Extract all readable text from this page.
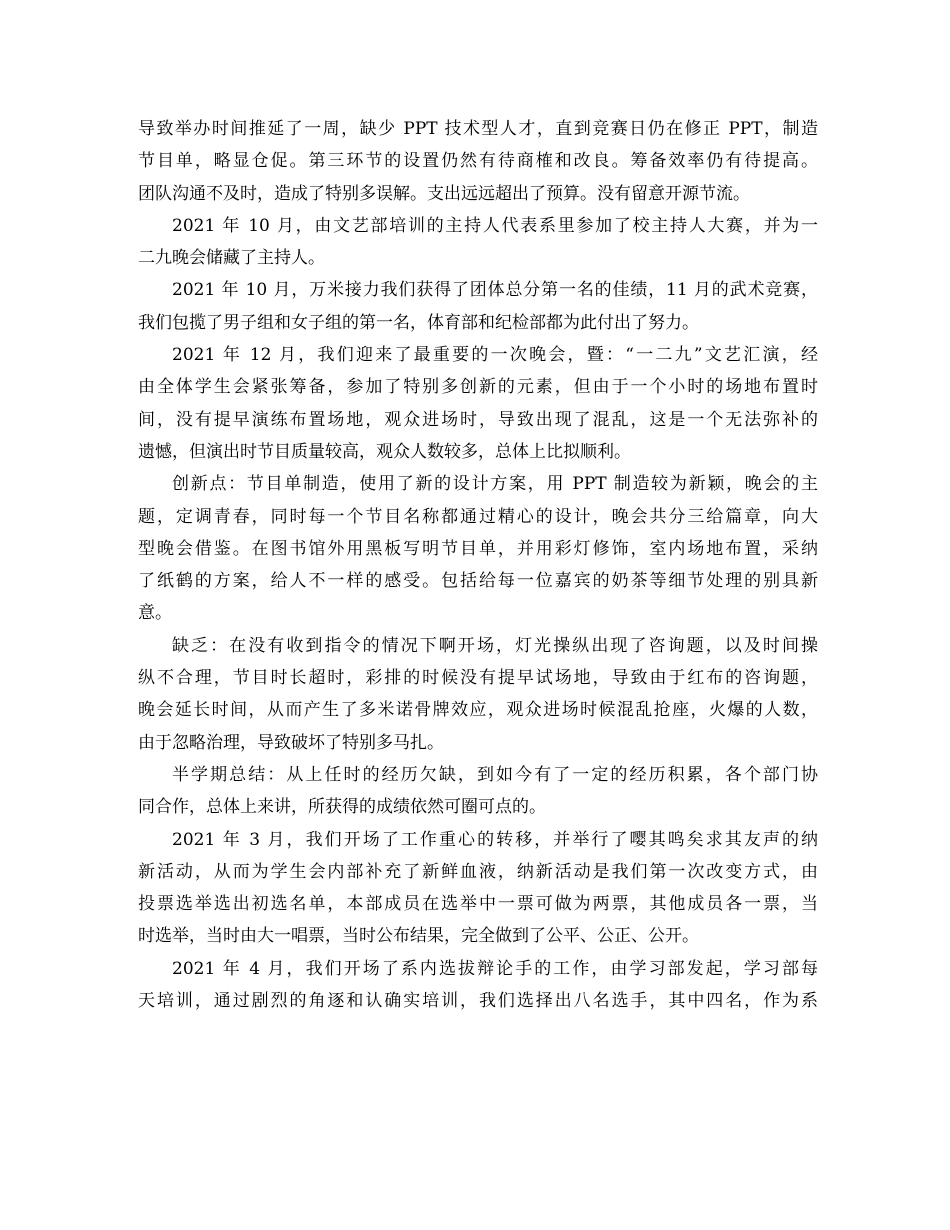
导致举办时间推延了一周，缺少 PPT 技术型人才，直到竞赛日仍在修正 PPT，制造
节目单，略显仓促。第三环节的设置仍然有待商榷和改良。筹备效率仍有待提高。
团队沟通不及时，造成了特别多误解。支出远远超出了预算。没有留意开源节流。
2021 年 10 月，由文艺部培训的主持人代表系里参加了校主持人大赛，并为一
二九晚会储藏了主持人。
2021 年 10 月，万米接力我们获得了团体总分第一名的佳绩，11 月的武术竞赛，
我们包揽了男子组和女子组的第一名，体育部和纪检部都为此付出了努力。
2021 年 12 月，我们迎来了最重要的一次晚会，暨：“一二九”文艺汇演，经
由全体学生会紧张筹备，参加了特别多创新的元素，但由于一个小时的场地布置时
间，没有提早演练布置场地，观众进场时，导致出现了混乱，这是一个无法弥补的
遗憾，但演出时节目质量较高，观众人数较多，总体上比拟顺利。
创新点：节目单制造，使用了新的设计方案，用 PPT 制造较为新颖，晚会的主
题，定调青春，同时每一个节目名称都通过精心的设计，晚会共分三给篇章，向大
型晚会借鉴。在图书馆外用黑板写明节目单，并用彩灯修饰，室内场地布置，采纳
了纸鹤的方案，给人不一样的感受。包括给每一位嘉宾的奶茶等细节处理的别具新
意。
缺乏：在没有收到指令的情况下啊开场，灯光操纵出现了咨询题，以及时间操
纵不合理，节目时长超时，彩排的时候没有提早试场地，导致由于红布的咨询题，
晚会延长时间，从而产生了多米诺骨牌效应，观众进场时候混乱抢座，火爆的人数，
由于忽略治理，导致破坏了特别多马扎。
半学期总结：从上任时的经历欠缺，到如今有了一定的经历积累，各个部门协
同合作，总体上来讲，所获得的成绩依然可圈可点的。
2021 年 3 月，我们开场了工作重心的转移，并举行了嘤其鸣矣求其友声的纳
新活动，从而为学生会内部补充了新鲜血液，纳新活动是我们第一次改变方式，由
投票选举选出初选名单，本部成员在选举中一票可做为两票，其他成员各一票，当
时选举，当时由大一唱票，当时公布结果，完全做到了公平、公正、公开。
2021 年 4 月，我们开场了系内选拔辩论手的工作，由学习部发起，学习部每
天培训，通过剧烈的角逐和认确实培训，我们选择出八名选手，其中四名，作为系
